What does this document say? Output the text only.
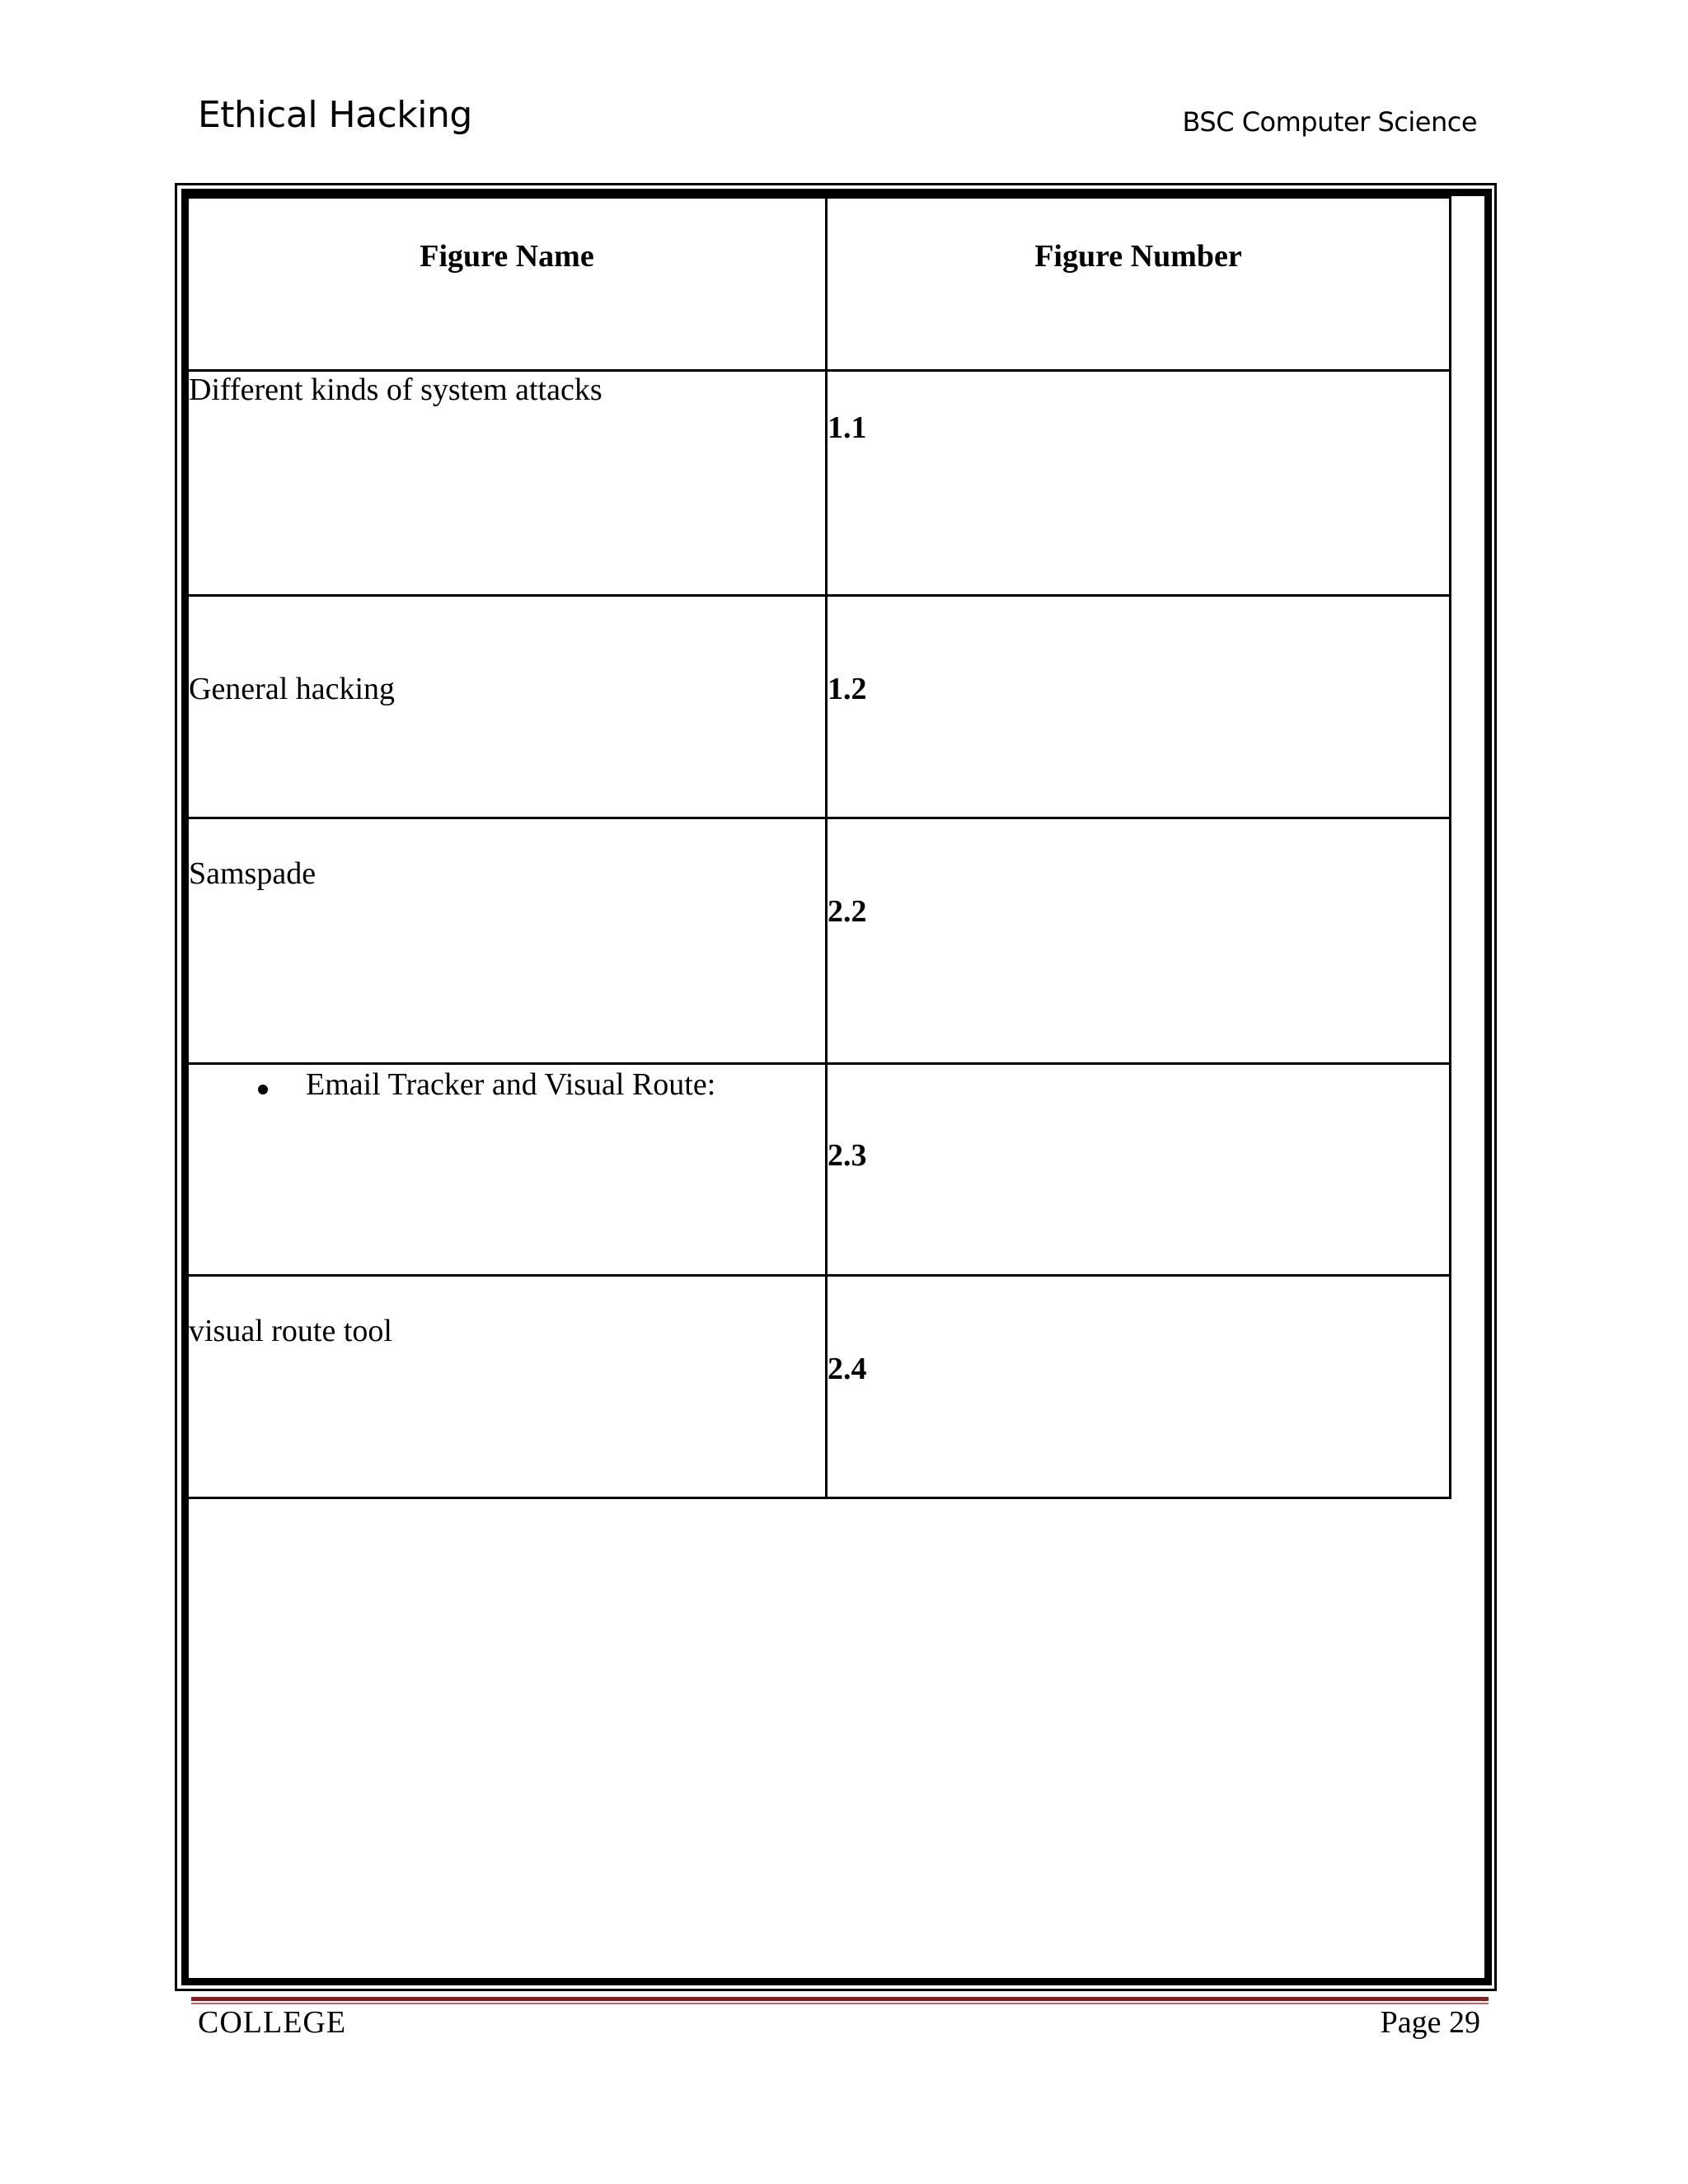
Ethical Hacking	BSC Computer Science
Figure Name	Figure Number
Different kinds of system attacks	1.1
General hacking	1.2
Samspade	2.2

Email Tracker and Visual Route:	2.3
visual route tool	2.4
COLLEGE	Page 29
